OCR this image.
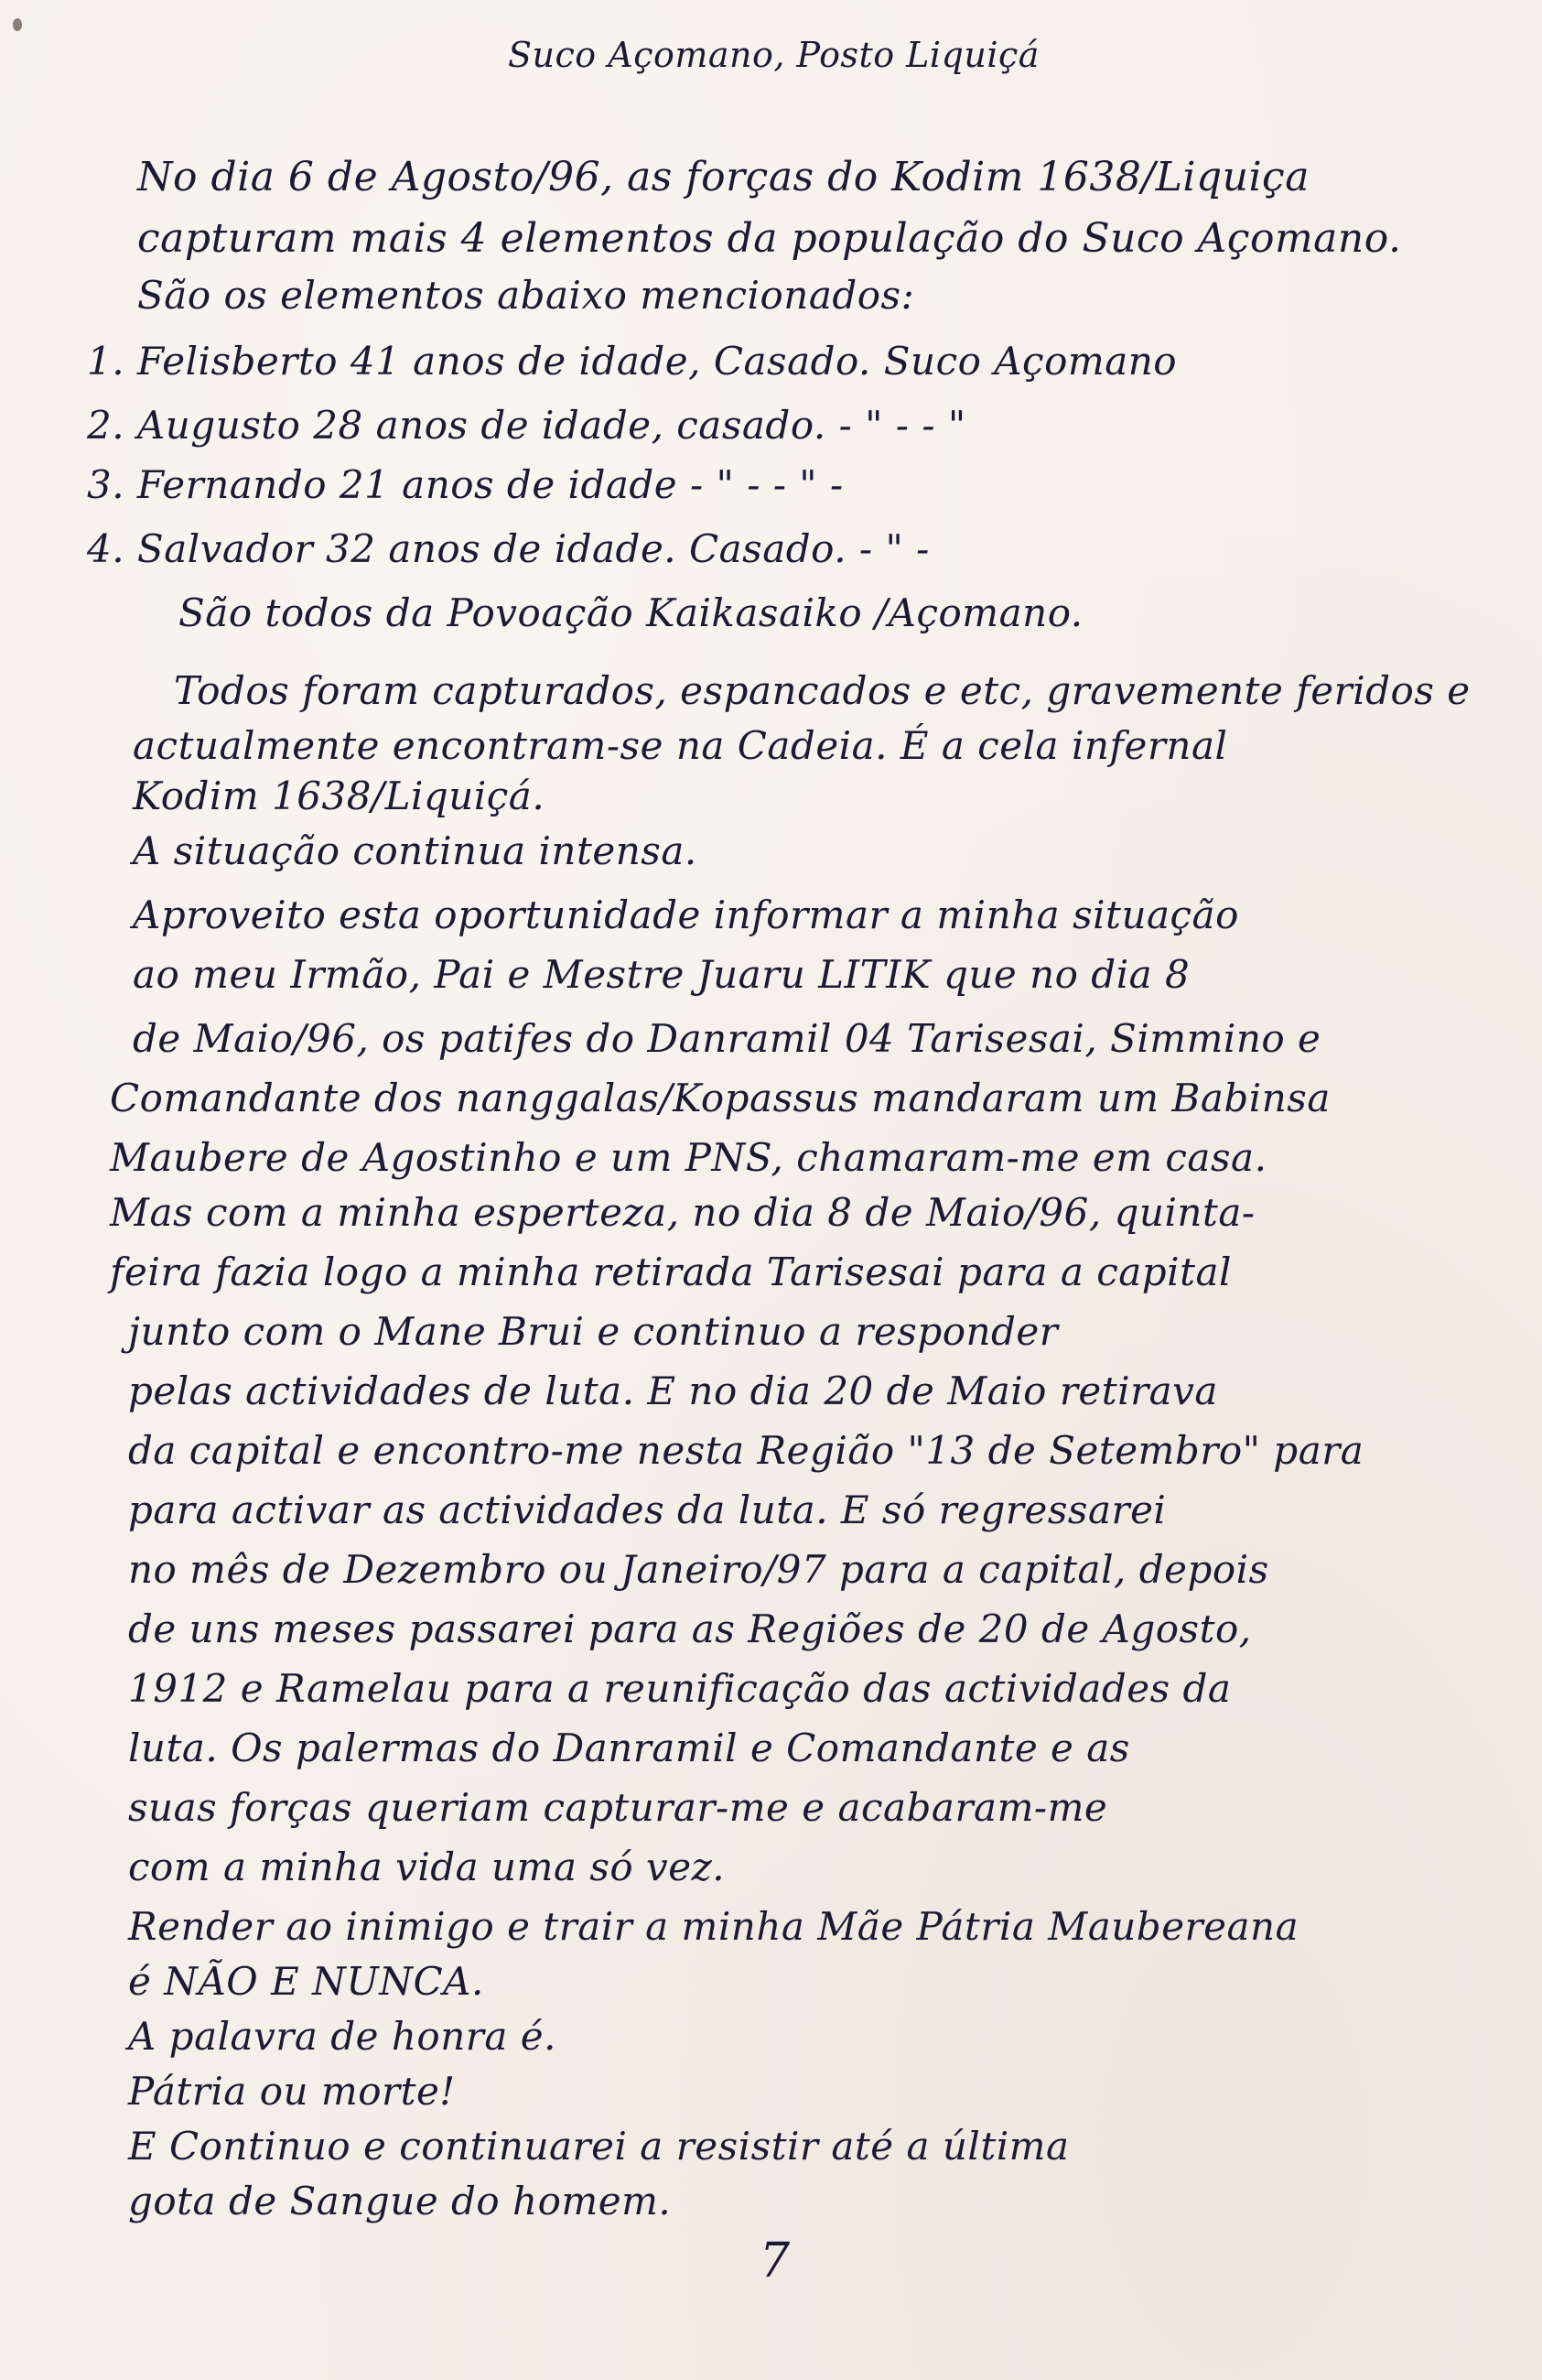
Suco Açomano, Posto Liquiçá
No dia 6 de Agosto/96, as forças do Kodim 1638/Liquiça
capturam mais 4 elementos da população do Suco Açomano.
São os elementos abaixo mencionados:
1. Felisberto 41 anos de idade, Casado. Suco Açomano
2. Augusto 28 anos de idade, casado. - " - - "
3. Fernando 21 anos de idade - " - - " -
4. Salvador 32 anos de idade. Casado. - " -
São todos da Povoação Kaikasaiko /Açomano.
Todos foram capturados, espancados e etc, gravemente feridos e
actualmente encontram-se na Cadeia. É a cela infernal
Kodim 1638/Liquiçá.
A situação continua intensa.
Aproveito esta oportunidade informar a minha situação
ao meu Irmão, Pai e Mestre Juaru LITIK que no dia 8
de Maio/96, os patifes do Danramil 04 Tarisesai, Simmino e
Comandante dos nanggalas/Kopassus mandaram um Babinsa
Maubere de Agostinho e um PNS, chamaram-me em casa.
Mas com a minha esperteza, no dia 8 de Maio/96, quinta-
feira fazia logo a minha retirada Tarisesai para a capital
junto com o Mane Brui e continuo a responder
pelas actividades de luta. E no dia 20 de Maio retirava
da capital e encontro-me nesta Região "13 de Setembro" para
para activar as actividades da luta. E só regressarei
no mês de Dezembro ou Janeiro/97 para a capital, depois
de uns meses passarei para as Regiões de 20 de Agosto,
1912 e Ramelau para a reunificação das actividades da
luta. Os palermas do Danramil e Comandante e as
suas forças queriam capturar-me e acabaram-me
com a minha vida uma só vez.
Render ao inimigo e trair a minha Mãe Pátria Maubereana
é NÃO E NUNCA.
A palavra de honra é.
Pátria ou morte!
E Continuo e continuarei a resistir até a última
gota de Sangue do homem.
7
